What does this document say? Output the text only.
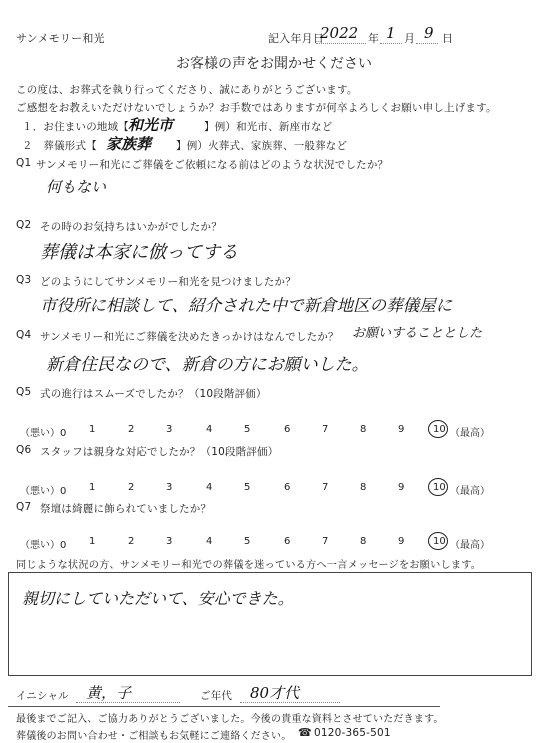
サンメモリー和光	記入年月日
2022 年 1 月 9 日
お客様の声をお聞かせください
この度は、お葬式を執り行ってくださり、誠にありがとうございます。
ご感想をお教えいただけないでしょうか？お手数ではありますが何卒よろしくお願い申し上げます。
１．お住まいの地域【 和光市	】例）和光市、新座市など
２　葬儀形式【 家族葬 】例）火葬式、家族葬、一般葬など
Q1 サンメモリー和光にご葬儀をご依頼になる前はどのような状況でしたか？
何もない
Q2 その時のお気持ちはいかがでしたか？
葬儀は本家に倣ってする
Q3 どのようにしてサンメモリー和光を見つけましたか？
市役所に相談して、紹介された中で新倉地区の葬儀屋に
Q4 サンメモリー和光にご葬儀を決めたきっかけはなんでしたか？ お願いすることとした
新倉住民なので、新倉の方にお願いした。
Q5 式の進行はスムーズでしたか？（10段階評価）
（悪い）0 1	2	3	4	5	6	7	8	9	10 （最高）
Q6 スタッフは親身な対応でしたか？（10段階評価）
（悪い）0 1	2	3	4	5	6	7	8	9	10 （最高）
Q7 祭壇は綺麗に飾られていましたか？
（悪い）0 1	2	3	4	5	6	7	8	9	10 （最高）
同じような状況の方、サンメモリー和光での葬儀を迷っている方へ一言メッセージをお願いします。
親切にしていただいて、安心できた。
イニシャル 黄，子	ご年代 80才代
最後までご記入、ご協力ありがとうございました。今後の貴重な資料とさせていただきます。
葬儀後のお問い合わせ・ご相談もお気軽にご連絡ください。 ☎ 0120-365-501
